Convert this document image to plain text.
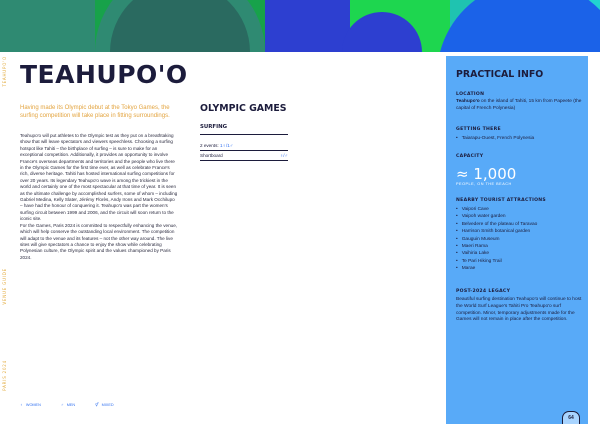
TEAHUPO'O
VENUE GUIDE
PARIS 2024
TEAHUPO'O

Having made its Olympic debut at the Tokyo Games, the surfing competition will take place in fitting surroundings.

Teahupo'o will put athletes to the Olympic test as they put on a breathtaking show that will leave spectators and viewers speechless. Choosing a surfing hotspot like Tahiti – the birthplace of surfing – is sure to make for an exceptional competition. Additionally, it provides an opportunity to involve France's overseas departments and territories and the people who live there in the Olympic Games for the first time ever, as well as celebrate France's rich, diverse heritage. Tahiti has hosted international surfing competitions for over 20 years. Its legendary Teahupo'o wave is among the trickiest in the world and certainly one of the most spectacular at that time of year. It is seen as the ultimate challenge by accomplished surfers, some of whom – including Gabriel Medina, Kelly Slater, Jérémy Florès, Andy Irons and Mark Occhilupo – have had the honour of conquering it. Teahupo'o was part the women's surfing circuit between 1999 and 2006, and the circuit will soon return to the iconic site.

For the Games, Paris 2024 is committed to respectfully enhancing the venue, which will help conserve the outstanding local environment. The competition will adapt to the venue and its features – not the other way around. The live sites will give spectators a chance to enjoy the show while celebrating Polynesian culture, the Olympic spirit and the values championed by Paris 2024.

OLYMPIC GAMES
SURFING
2 events: 1♀/1♂
Shortboard	♀/♂
♀ WOMEN	♂ MEN	⚥ MIXED
PRACTICAL INFO
LOCATION
Teahupo'o on the island of Tahiti, 15 km from Papeete (the capital of French Polynesia)
GETTING THERE
• Taiarapu-Ouest, French Polynesia
CAPACITY
≈ 1,000
PEOPLE, ON THE BEACH
NEARBY TOURIST ATTRACTIONS
• Vaipori Cave
• Vaipoh water garden
• Belvedere of the plateau of Taravao
• Harrison Smith botanical garden
• Gauguin Museum
• Maeri Rama
• Vaihiria Lake
• Te Pari Hiking Trail
• Marae
POST-2024 LEGACY
Beautiful surfing destination Teahupo'o will continue to host the World Surf League's Tahiti Pro Teahupo'o surf competition. Minor, temporary adjustments made for the Games will not remain in place after the competition.
64
